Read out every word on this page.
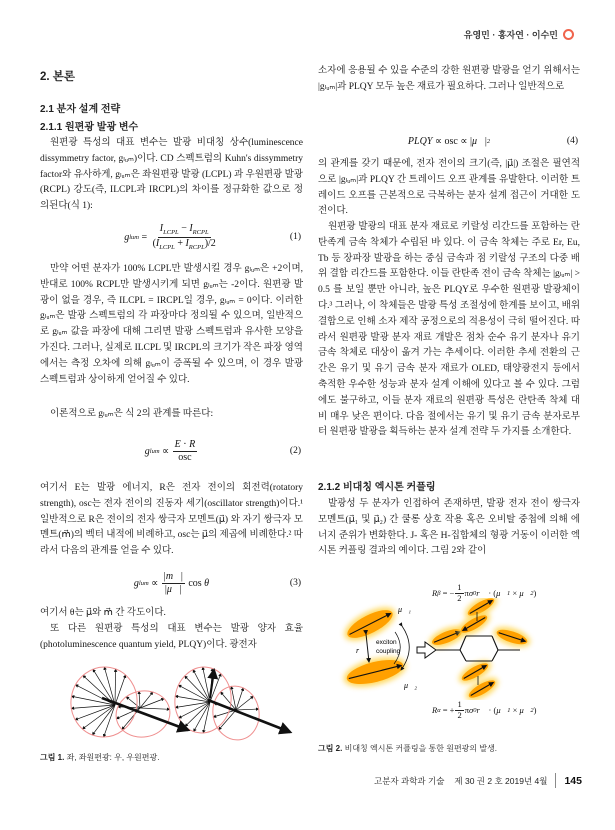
유영민 · 홍자연 · 이수민
2. 본론
2.1 분자 설계 전략
2.1.1 원편광 발광 변수
원편광 특성의 대표 변수는 발광 비대칭 상수(luminescence dissymmetry factor, gₗᵤₘ)이다. CD 스펙트럼의 Kuhn's dissymmetry factor와 유사하게, gₗᵤₘ은 좌원편광 발광 (LCPL) 과 우원편광 발광(RCPL) 강도(즉, ILCPL과 IRCPL)의 차이를 정규화한 값으로 정의된다(식 1):
g lum = $\frac{I_{LCPL} - I_{RCPL}}{(I_{LCPL} + I_{RCPL})/2}$	(1)
만약 어떤 분자가 100% LCPL만 발생시킬 경우 gₗᵤₘ은 +2이며, 반대로 100% RCPL만 발생시키게 되면 gₗᵤₘ는 -2이다. 원편광 발광이 없을 경우, 즉 ILCPL = IRCPL일 경우, gₗᵤₘ = 0이다. 이러한 gₗᵤₘ은 발광 스펙트럼의 각 파장마다 정의될 수 있으며, 일반적으로 gₗᵤₘ 값을 파장에 대해 그리면 발광 스펙트럼과 유사한 모양을 가진다. 그러나, 실제로 ILCPL 및 IRCPL의 크기가 작은 파장 영역에서는 측정 오차에 의해 gₗᵤₘ이 증폭될 수 있으며, 이 경우 발광 스펙트럼과 상이하게 얻어질 수 있다.
이론적으로 gₗᵤₘ은 식 2의 관계를 따른다:
g lum ∝ $\frac{E \cdot R}{\text{osc}}$	(2)
여기서 E는 발광 에너지, R은 전자 전이의 회전력(rotatory strength), osc는 전자 전이의 진동자 세기(oscillator strength)이다.¹ 일반적으로 R은 전이의 전자 쌍극자 모멘트(μ⃗) 와 자기 쌍극자 모멘트(m⃗)의 벡터 내적에 비례하고, osc는 μ⃗의 제곱에 비례한다.² 따라서 다음의 관계를 얻을 수 있다.
g lum ∝ $\frac{|m⃗|}{|\mu⃗|}$ cos θ	(3)
여기서 θ는 μ⃗와 m⃗ 간 각도이다.
또 다른 원편광 특성의 대표 변수는 발광 양자 효율(photoluminescence quantum yield, PLQY)이다. 광전자
그림 1. 좌, 좌원편광: 우, 우원편광.
소자에 응용될 수 있을 수준의 강한 원편광 발광을 얻기 위해서는 |gₗᵤₘ|과 PLQY 모두 높은 재료가 필요하다. 그러나 일반적으로
PLQY ∝ osc ∝ | μ⃗ | 2	(4)
의 관계를 갖기 때문에, 전자 전이의 크기(즉, |μ⃗|) 조절은 필연적으로 |gₗᵤₘ|과 PLQY 간 트레이드 오프 관계를 유발한다. 이러한 트레이드 오프를 근본적으로 극복하는 분자 설계 접근이 거대한 도전이다.
원편광 발광의 대표 분자 재료로 키랄성 리간드를 포함하는 란탄족계 금속 착체가 수립된 바 있다. 이 금속 착체는 주로 Er, Eu, Tb 등 장파장 발광을 하는 중심 금속과 점 키랄성 구조의 다중 배위 결합 리간드를 포함한다. 이들 란탄족 전이 금속 착체는 |gₗᵤₘ| > 0.5 를 보일 뿐만 아니라, 높은 PLQY로 우수한 원편광 발광체이다.³ 그러나, 이 착체들은 발광 특성 조절성에 한계를 보이고, 배위 결합으로 인해 소자 제작 공정으로의 적용성이 극히 떨어진다. 따라서 원편광 발광 분자 재료 개발은 점차 순수 유기 분자나 유기 금속 착체로 대상이 옮겨 가는 추세이다. 이러한 추세 전환의 근간은 유기 및 유기 금속 분자 재료가 OLED, 태양광전지 등에서 축적한 우수한 성능과 분자 설계 이해에 있다고 볼 수 있다. 그럼에도 불구하고, 이들 분자 재료의 원편광 특성은 란탄족 착체 대비 매우 낮은 편이다. 다음 절에서는 유기 및 유기 금속 분자로부터 원편광 발광을 획득하는 분자 설계 전략 두 가지를 소개한다.
2.1.2 비대칭 엑시톤 커플링
발광성 두 분자가 인접하여 존재하면, 발광 전자 전이 쌍극자 모멘트(μ⃗₁ 및 μ⃗₂) 간 쿨롱 상호 작용 혹은 오비탈 중첩에 의해 에너지 준위가 변화한다. J- 혹은 H-집합체의 형광 거동이 이러한 엑시톤 커플링 결과의 예이다. 그림 2와 같이
R β = − $\frac{1}{2}$ π σ 0 r⃗ · ( μ⃗ 1 × μ⃗ 2 )
r⃗
μ⃗₁
μ⃗₂
exciton
coupling
R α = + $\frac{1}{2}$ π σ 0 r⃗ · ( μ⃗ 1 × μ⃗ 2 )
그림 2. 비대칭 엑시톤 커플링을 통한 원편광의 발생.
고분자 과학과 기술 제 30 권 2 호 2019년 4월 145
